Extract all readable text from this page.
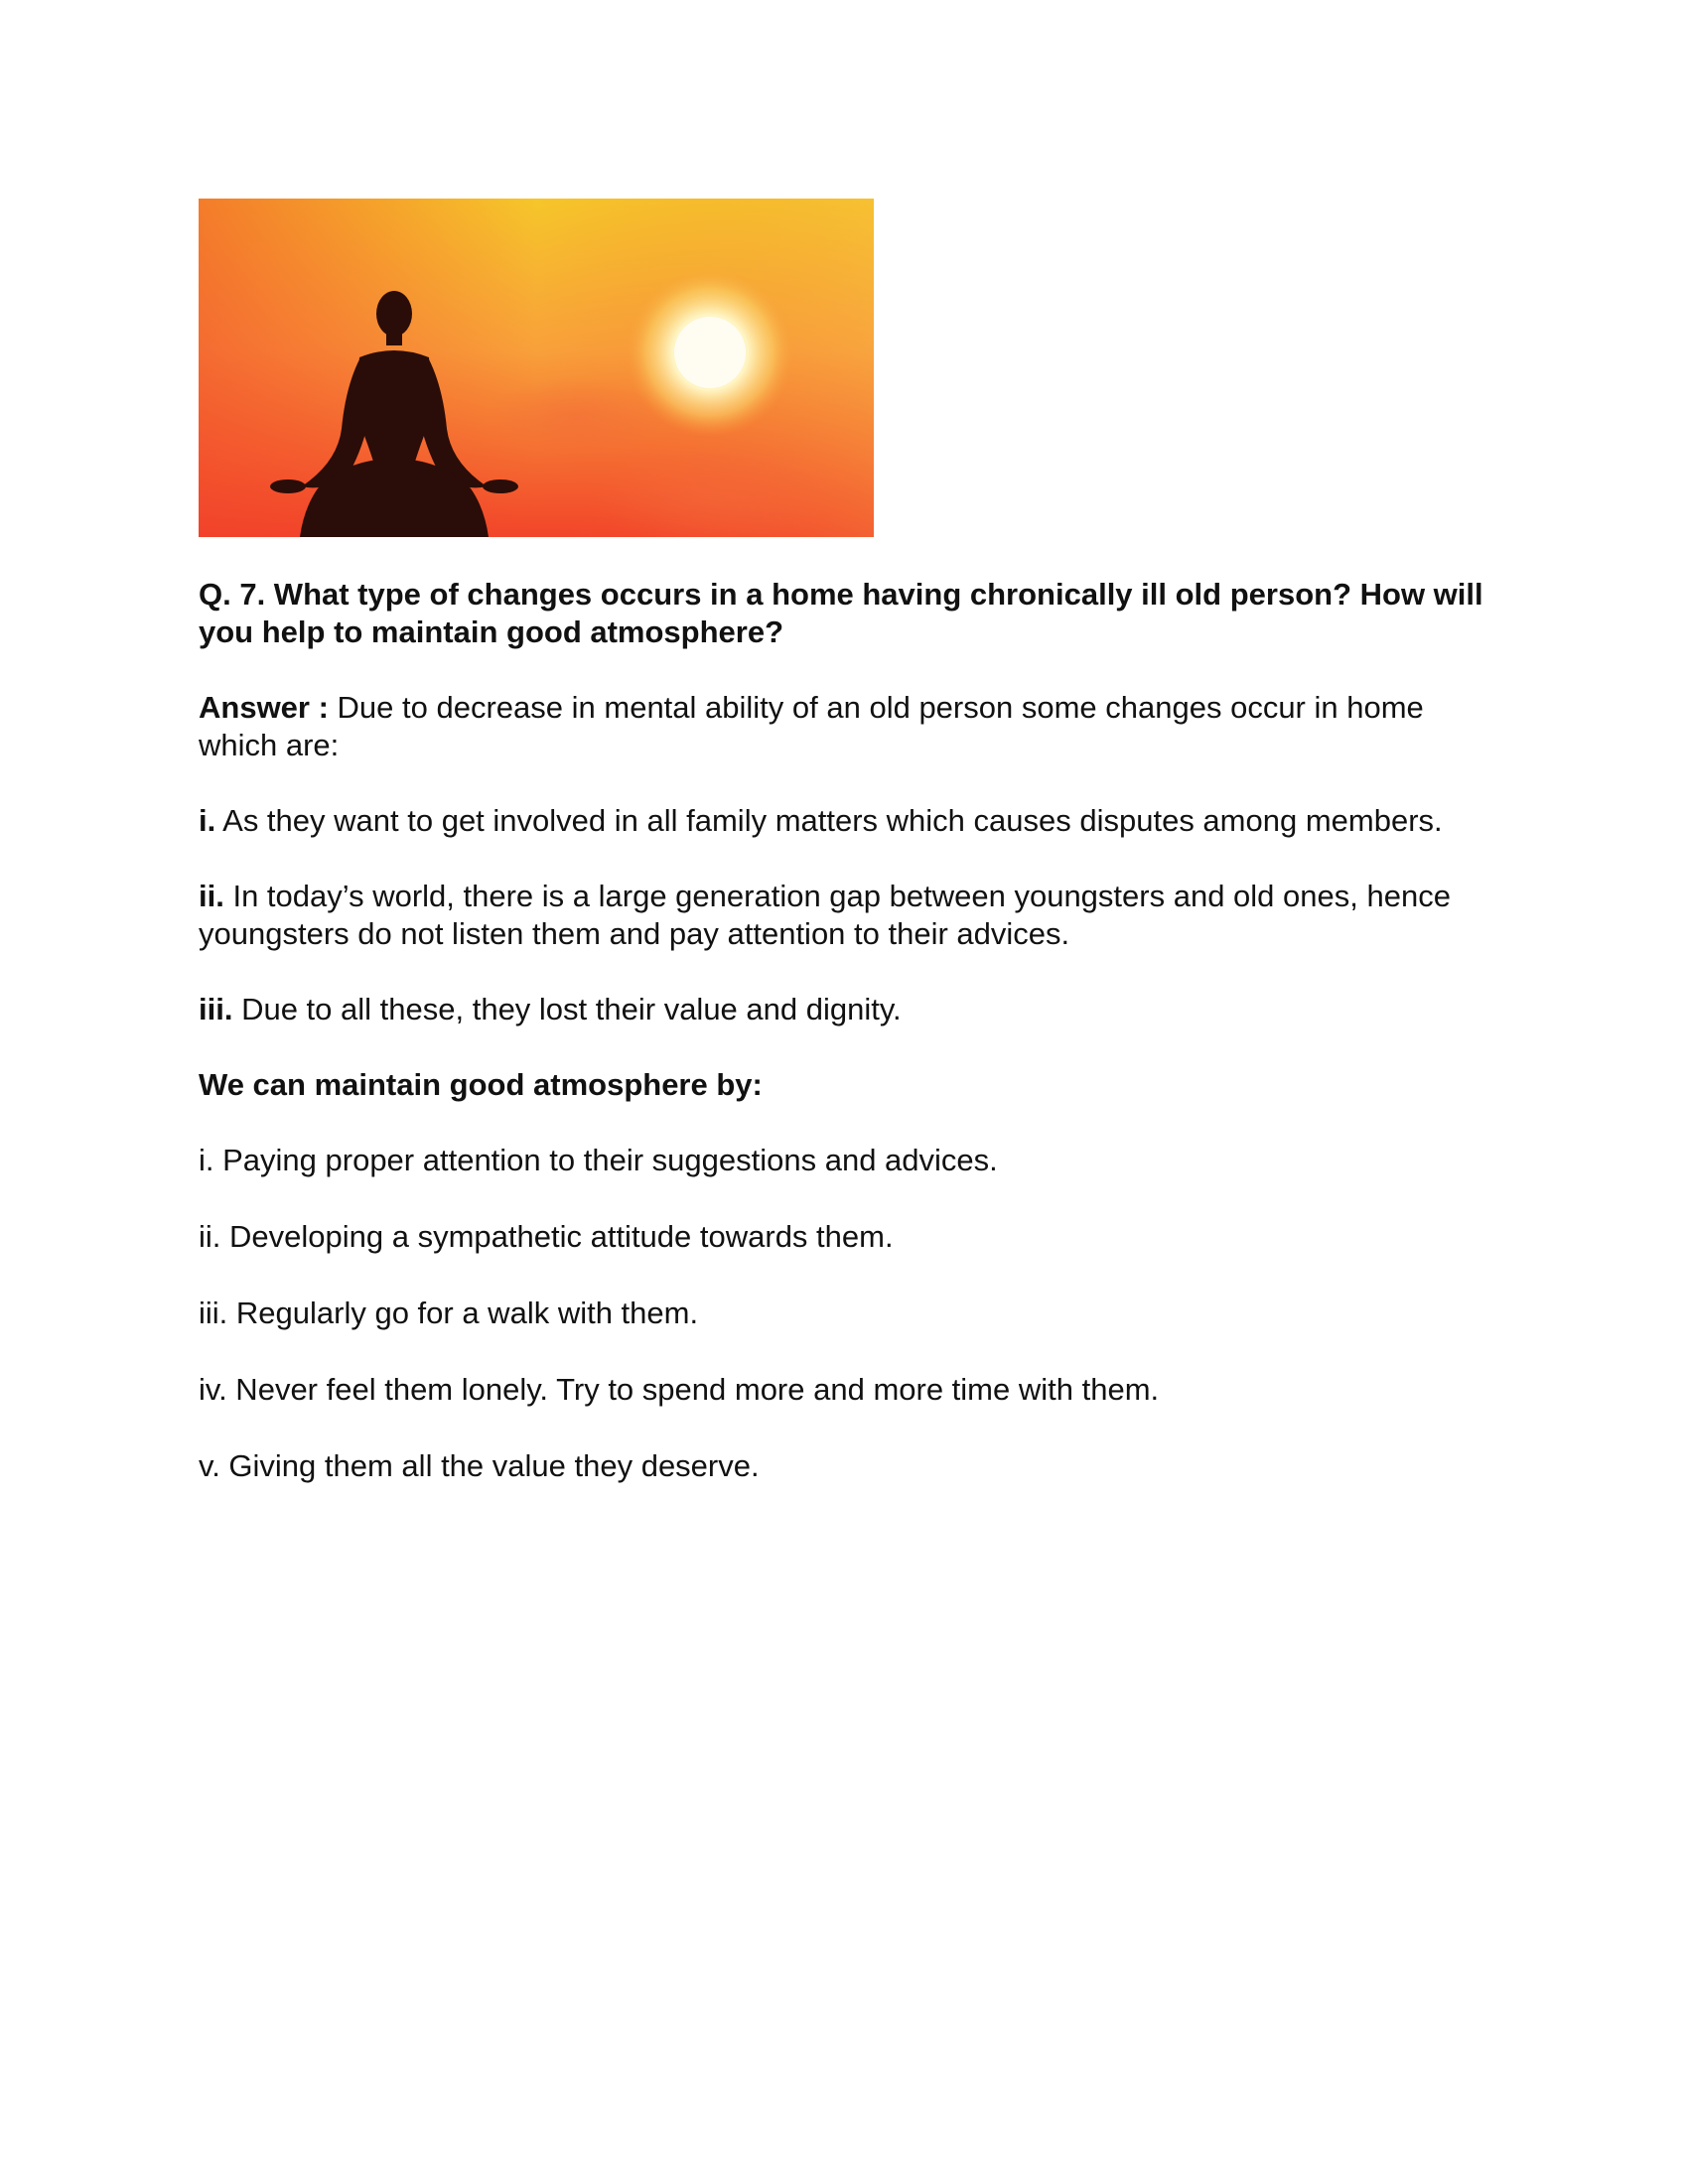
Q. 7. What type of changes occurs in a home having chronically ill old person? How will you help to maintain good atmosphere?

Answer : Due to decrease in mental ability of an old person some changes occur in home which are:

i. As they want to get involved in all family matters which causes disputes among members.

ii. In today’s world, there is a large generation gap between youngsters and old ones, hence youngsters do not listen them and pay attention to their advices.

iii. Due to all these, they lost their value and dignity.

We can maintain good atmosphere by:

i. Paying proper attention to their suggestions and advices.

ii. Developing a sympathetic attitude towards them.

iii. Regularly go for a walk with them.

iv. Never feel them lonely. Try to spend more and more time with them.

v. Giving them all the value they deserve.
